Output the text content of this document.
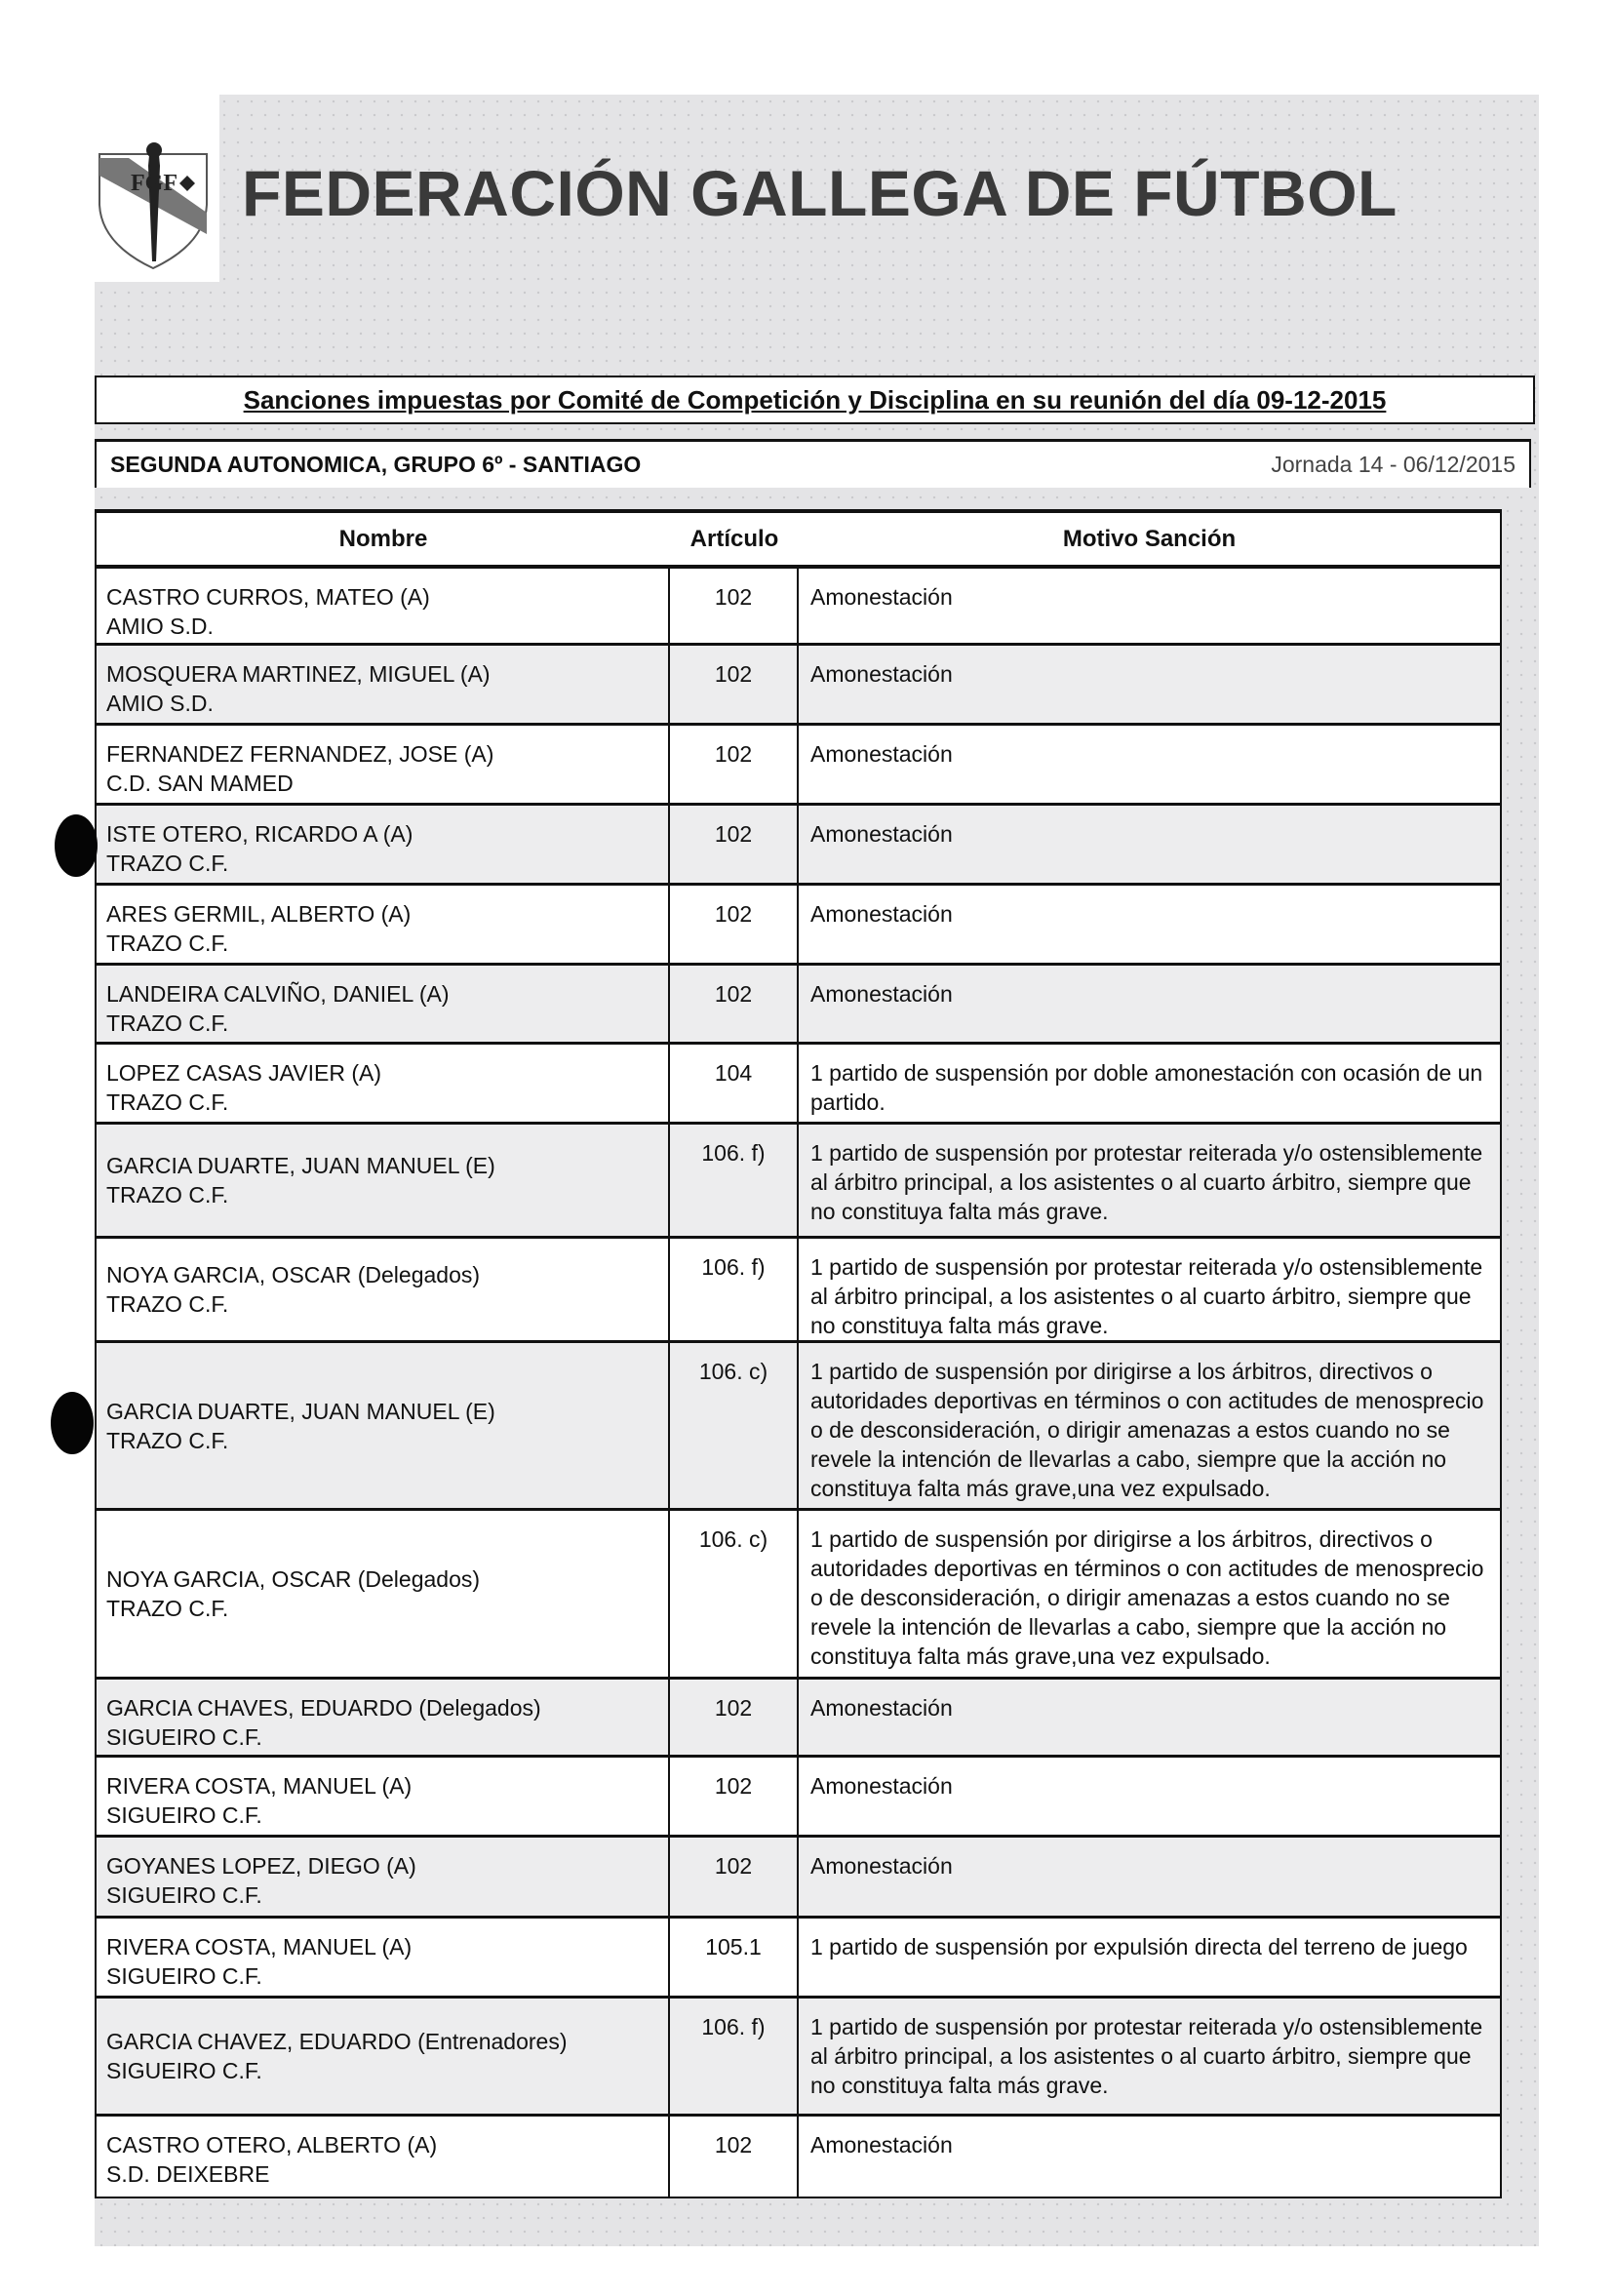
FGF FEDERACIÓN GALLEGA DE FÚTBOL
Sanciones impuestas por Comité de Competición y Disciplina en su reunión del día 09-12-2015
SEGUNDA AUTONOMICA, GRUPO 6º - SANTIAGO	Jornada 14 - 06/12/2015
Nombre	Artículo	Motivo Sanción
CASTRO CURROS, MATEO (A)
AMIO S.D.
102	Amonestación
MOSQUERA MARTINEZ, MIGUEL (A)
AMIO S.D.
102	Amonestación
FERNANDEZ FERNANDEZ, JOSE (A)
C.D. SAN MAMED
102	Amonestación
ISTE OTERO, RICARDO A (A)
TRAZO C.F.
102	Amonestación
ARES GERMIL, ALBERTO (A)
TRAZO C.F.
102	Amonestación
LANDEIRA CALVIÑO, DANIEL (A)
TRAZO C.F.
102	Amonestación
LOPEZ CASAS JAVIER (A)
TRAZO C.F.
104	1 partido de suspensión por doble amonestación con ocasión de un partido.
GARCIA DUARTE, JUAN MANUEL (E)
TRAZO C.F.
106. f)	1 partido de suspensión por protestar reiterada y/o ostensiblemente al árbitro principal, a los asistentes o al cuarto árbitro, siempre que no constituya falta más grave.
NOYA GARCIA, OSCAR (Delegados)
TRAZO C.F.
106. f)	1 partido de suspensión por protestar reiterada y/o ostensiblemente al árbitro principal, a los asistentes o al cuarto árbitro, siempre que no constituya falta más grave.
GARCIA DUARTE, JUAN MANUEL (E)
TRAZO C.F.
106. c)	1 partido de suspensión por dirigirse a los árbitros, directivos o autoridades deportivas en términos o con actitudes de menosprecio o de desconsideración, o dirigir amenazas a estos cuando no se revele la intención de llevarlas a cabo, siempre que la acción no constituya falta más grave,una vez expulsado.
NOYA GARCIA, OSCAR (Delegados)
TRAZO C.F.
106. c)	1 partido de suspensión por dirigirse a los árbitros, directivos o autoridades deportivas en términos o con actitudes de menosprecio o de desconsideración, o dirigir amenazas a estos cuando no se revele la intención de llevarlas a cabo, siempre que la acción no constituya falta más grave,una vez expulsado.
GARCIA CHAVES, EDUARDO (Delegados)
SIGUEIRO C.F.
102	Amonestación
RIVERA COSTA, MANUEL (A)
SIGUEIRO C.F.
102	Amonestación
GOYANES LOPEZ, DIEGO (A)
SIGUEIRO C.F.
102	Amonestación
RIVERA COSTA, MANUEL (A)
SIGUEIRO C.F.
105.1	1 partido de suspensión por expulsión directa del terreno de juego
GARCIA CHAVEZ, EDUARDO (Entrenadores)
SIGUEIRO C.F.
106. f)	1 partido de suspensión por protestar reiterada y/o ostensiblemente al árbitro principal, a los asistentes o al cuarto árbitro, siempre que no constituya falta más grave.
CASTRO OTERO, ALBERTO (A)
S.D. DEIXEBRE
102	Amonestación
